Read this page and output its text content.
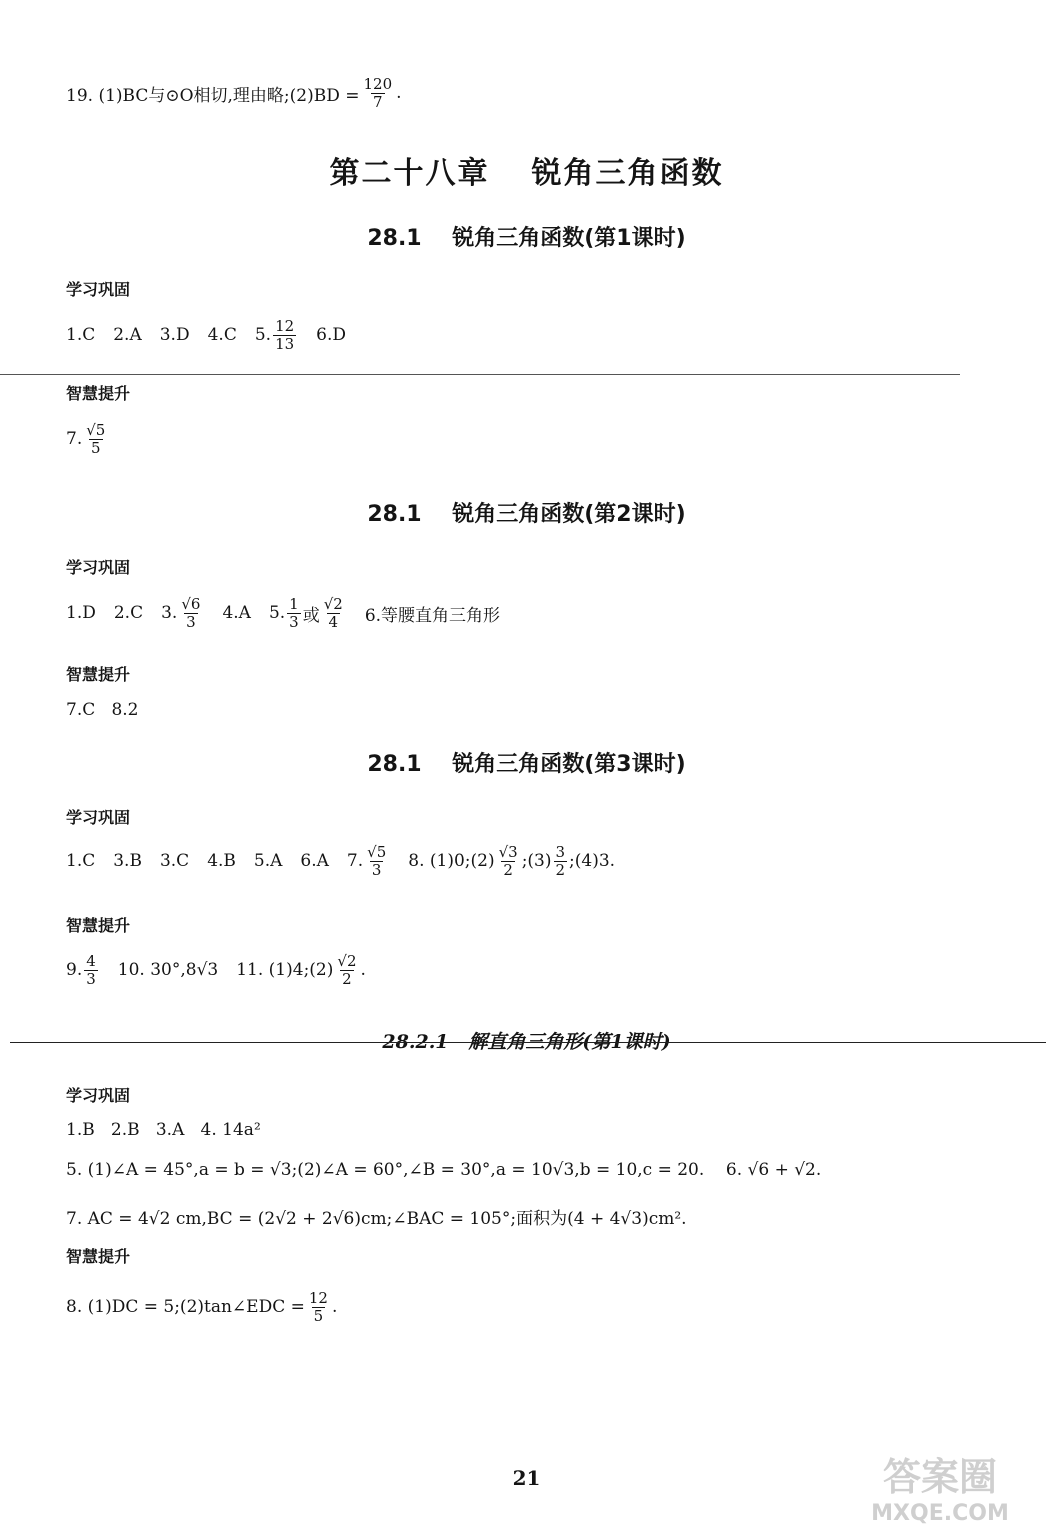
19. (1)BC与⊙O相切,理由略;(2)BD = $\frac{120}{7}$ .
第二十八章 锐角三角函数
28.1    锐角三角函数(第1课时)
学习巩固
1.C 2.A 3.D 4.C 5. $\frac{12}{13} 6.D$
智慧提升
7. $\frac{√5}{5}$
28.1    锐角三角函数(第2课时)
学习巩固
1.D 2.C 3. $\frac{√6}{3} 4.A$ 5. $\frac{1}{3}$ 或 $\frac{√2}{4} 6$.等腰直角三角形
智慧提升
7.C   8.2
28.1    锐角三角函数(第3课时)
学习巩固
1.C 3.B 3.C 4.B 5.A 6.A 7. $\frac{√5}{3} 8$. (1)0;(2) $\frac{√3}{2}$ ;(3) $\frac{3}{2}$ ;(4)3.
智慧提升
9. $\frac{4}{3} 10$. 30°,8√3 11. (1)4;(2) $\frac{√2}{2}$ .
28.2.1   解直角三角形(第1课时)
学习巩固
1.B   2.B   3.A   4. 14a²
5. (1)∠A = 45°,a = b = √3;(2)∠A = 60°,∠B = 30°,a = 10√3,b = 10,c = 20.    6. √6 + √2.
7. AC = 4√2 cm,BC = (2√2 + 2√6)cm;∠BAC = 105°;面积为(4 + 4√3)cm².
智慧提升
8. (1)DC = 5;(2)tan∠EDC = $\frac{12}{5}$ .
21	答案圈
MXQE.COM
